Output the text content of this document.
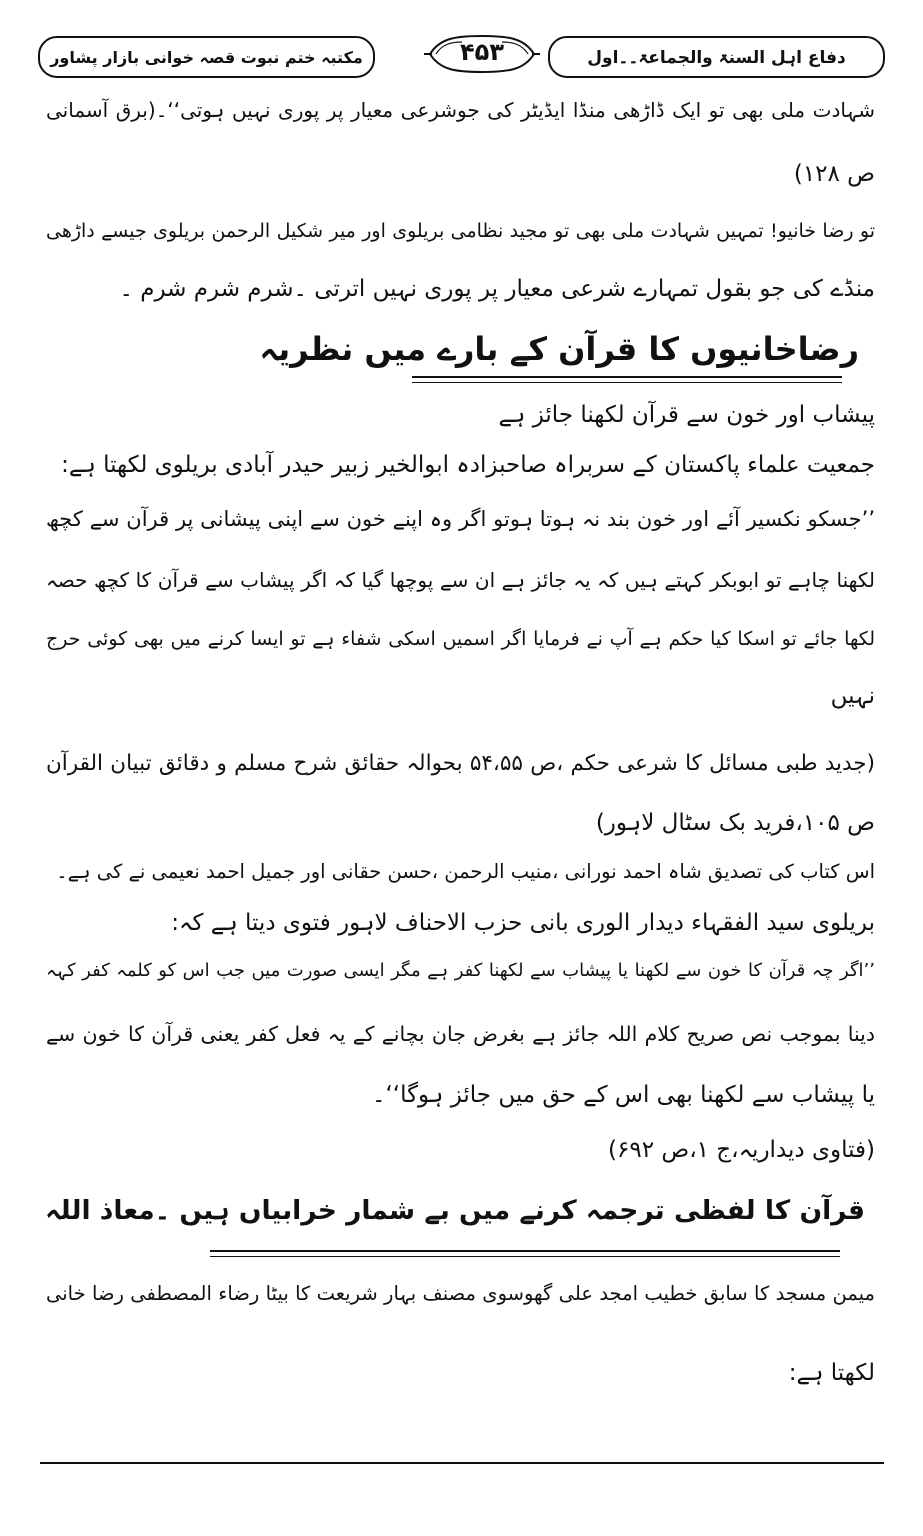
دفاع اہل السنۃ والجماعۃ۔۔اول
۴۵۳
مکتبہ ختم نبوت قصہ خوانی بازار پشاور
شہادت ملی بھی تو ایک ڈاڑھی منڈا ایڈیٹر کی جوشرعی معیار پر پوری نہیں ہوتی‘‘۔(برق آسمانی
ص ۱۲۸)
تو رضا خانیو! تمہیں شہادت ملی بھی تو مجید نظامی بریلوی اور میر شکیل الرحمن بریلوی جیسے داڑھی
منڈے کی جو بقول تمہارے شرعی معیار پر پوری نہیں اترتی ۔شرم شرم شرم ۔
رضاخانیوں کا قرآن کے بارے میں نظریہ
پیشاب اور خون سے قرآن لکھنا جائز ہے
جمعیت علماء پاکستان کے سربراہ صاحبزادہ ابوالخیر زبیر حیدر آبادی بریلوی لکھتا ہے:
’’جسکو نکسیر آئے اور خون بند نہ ہوتا ہوتو اگر وہ اپنے خون سے اپنی پیشانی پر قرآن سے کچھ
لکھنا چاہے تو ابوبکر کہتے ہیں کہ یہ جائز ہے ان سے پوچھا گیا کہ اگر پیشاب سے قرآن کا کچھ حصہ
لکھا جائے تو اسکا کیا حکم ہے آپ نے فرمایا اگر اسمیں اسکی شفاء ہے تو ایسا کرنے میں بھی کوئی حرج
نہیں
(جدید طبی مسائل کا شرعی حکم ،ص ۵۴،۵۵ بحوالہ حقائق شرح مسلم و دقائق تبیان القرآن
ص ۱۰۵،فرید بک سٹال لاہور)
اس کتاب کی تصدیق شاہ احمد نورانی ،منیب الرحمن ،حسن حقانی اور جمیل احمد نعیمی نے کی ہے۔
بریلوی سید الفقہاء دیدار الوری بانی حزب الاحناف لاہور فتوی دیتا ہے کہ:
’’اگر چہ قرآن کا خون سے لکھنا یا پیشاب سے لکھنا کفر ہے مگر ایسی صورت میں جب اس کو کلمہ کفر کہہ
دینا بموجب نص صریح کلام اللہ جائز ہے بغرض جان بچانے کے یہ فعل کفر یعنی قرآن کا خون سے
یا پیشاب سے لکھنا بھی اس کے حق میں جائز ہوگا‘‘۔
(فتاوی دیداریہ،ج ۱،ص ۶۹۲)
قرآن کا لفظی ترجمہ کرنے میں بے شمار خرابیاں ہیں ۔معاذ اللہ
میمن مسجد کا سابق خطیب امجد علی گھوسوی مصنف بہار شریعت کا بیٹا رضاء المصطفی رضا خانی
لکھتا ہے:
